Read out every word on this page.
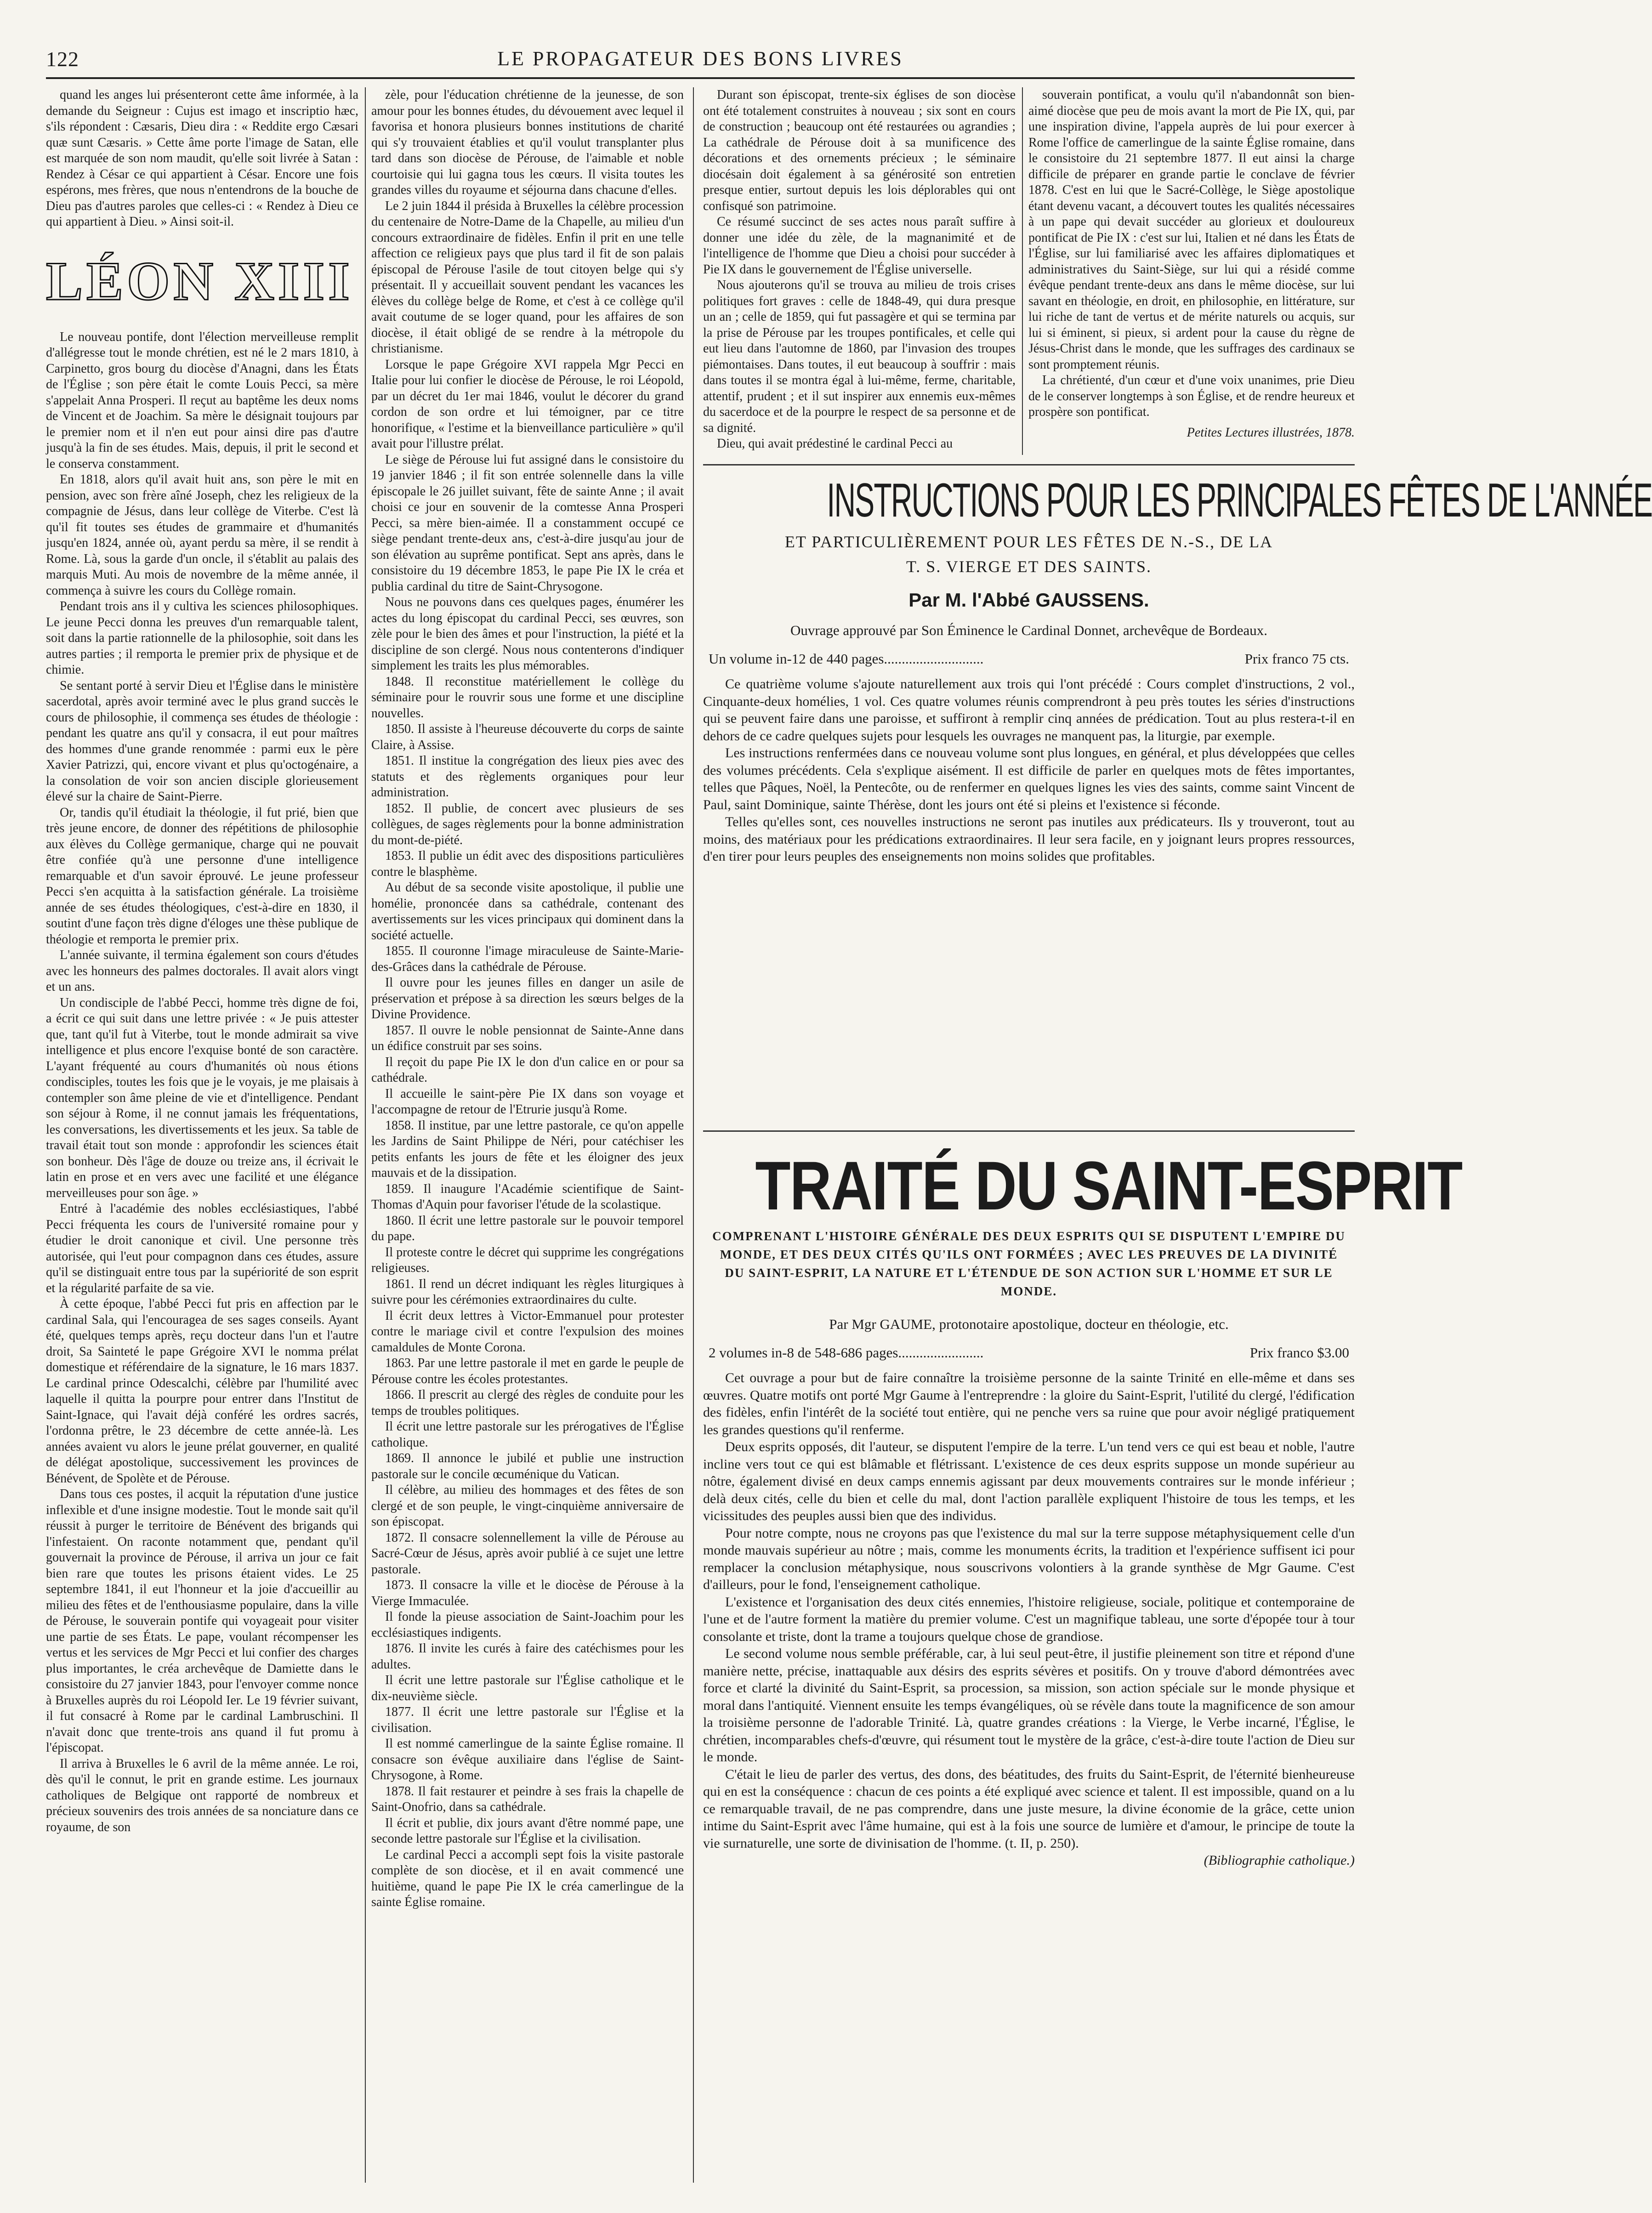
122	LE PROPAGATEUR DES BONS LIVRES

quand les anges lui présenteront cette âme informée, à la demande du Seigneur : Cujus est imago et inscriptio hæc, s'ils répondent : Cæsaris, Dieu dira : « Reddite ergo Cæsari quæ sunt Cæsaris. » Cette âme porte l'image de Satan, elle est marquée de son nom maudit, qu'elle soit livrée à Satan : Rendez à César ce qui appartient à César. Encore une fois espérons, mes frères, que nous n'entendrons de la bouche de Dieu pas d'autres paroles que celles-ci : « Rendez à Dieu ce qui appartient à Dieu. » Ainsi soit-il.

LÉON XIII

Le nouveau pontife, dont l'élection merveilleuse remplit d'allégresse tout le monde chrétien, est né le 2 mars 1810, à Carpinetto, gros bourg du diocèse d'Anagni, dans les États de l'Église ; son père était le comte Louis Pecci, sa mère s'appelait Anna Prosperi. Il reçut au baptême les deux noms de Vincent et de Joachim. Sa mère le désignait toujours par le premier nom et il n'en eut pour ainsi dire pas d'autre jusqu'à la fin de ses études. Mais, depuis, il prit le second et le conserva constamment.

En 1818, alors qu'il avait huit ans, son père le mit en pension, avec son frère aîné Joseph, chez les religieux de la compagnie de Jésus, dans leur collège de Viterbe. C'est là qu'il fit toutes ses études de grammaire et d'humanités jusqu'en 1824, année où, ayant perdu sa mère, il se rendit à Rome. Là, sous la garde d'un oncle, il s'établit au palais des marquis Muti. Au mois de novembre de la même année, il commença à suivre les cours du Collège romain.

Pendant trois ans il y cultiva les sciences philosophiques. Le jeune Pecci donna les preuves d'un remarquable talent, soit dans la partie rationnelle de la philosophie, soit dans les autres parties ; il remporta le premier prix de physique et de chimie.

Se sentant porté à servir Dieu et l'Église dans le ministère sacerdotal, après avoir terminé avec le plus grand succès le cours de philosophie, il commença ses études de théologie : pendant les quatre ans qu'il y consacra, il eut pour maîtres des hommes d'une grande renommée : parmi eux le père Xavier Patrizzi, qui, encore vivant et plus qu'octogénaire, a la consolation de voir son ancien disciple glorieusement élevé sur la chaire de Saint-Pierre.

Or, tandis qu'il étudiait la théologie, il fut prié, bien que très jeune encore, de donner des répétitions de philosophie aux élèves du Collège germanique, charge qui ne pouvait être confiée qu'à une personne d'une intelligence remarquable et d'un savoir éprouvé. Le jeune professeur Pecci s'en acquitta à la satisfaction générale. La troisième année de ses études théologiques, c'est-à-dire en 1830, il soutint d'une façon très digne d'éloges une thèse publique de théologie et remporta le premier prix.

L'année suivante, il termina également son cours d'études avec les honneurs des palmes doctorales. Il avait alors vingt et un ans.

Un condisciple de l'abbé Pecci, homme très digne de foi, a écrit ce qui suit dans une lettre privée : « Je puis attester que, tant qu'il fut à Viterbe, tout le monde admirait sa vive intelligence et plus encore l'exquise bonté de son caractère. L'ayant fréquenté au cours d'humanités où nous étions condisciples, toutes les fois que je le voyais, je me plaisais à contempler son âme pleine de vie et d'intelligence. Pendant son séjour à Rome, il ne connut jamais les fréquentations, les conversations, les divertissements et les jeux. Sa table de travail était tout son monde : approfondir les sciences était son bonheur. Dès l'âge de douze ou treize ans, il écrivait le latin en prose et en vers avec une facilité et une élégance merveilleuses pour son âge. »

Entré à l'académie des nobles ecclésiastiques, l'abbé Pecci fréquenta les cours de l'université romaine pour y étudier le droit canonique et civil. Une personne très autorisée, qui l'eut pour compagnon dans ces études, assure qu'il se distinguait entre tous par la supériorité de son esprit et la régularité parfaite de sa vie.

À cette époque, l'abbé Pecci fut pris en affection par le cardinal Sala, qui l'encouragea de ses sages conseils. Ayant été, quelques temps après, reçu docteur dans l'un et l'autre droit, Sa Sainteté le pape Grégoire XVI le nomma prélat domestique et référendaire de la signature, le 16 mars 1837. Le cardinal prince Odescalchi, célèbre par l'humilité avec laquelle il quitta la pourpre pour entrer dans l'Institut de Saint-Ignace, qui l'avait déjà conféré les ordres sacrés, l'ordonna prêtre, le 23 décembre de cette année-là. Les années avaient vu alors le jeune prélat gouverner, en qualité de délégat apostolique, successivement les provinces de Bénévent, de Spolète et de Pérouse.

Dans tous ces postes, il acquit la réputation d'une justice inflexible et d'une insigne modestie. Tout le monde sait qu'il réussit à purger le territoire de Bénévent des brigands qui l'infestaient. On raconte notamment que, pendant qu'il gouvernait la province de Pérouse, il arriva un jour ce fait bien rare que toutes les prisons étaient vides. Le 25 septembre 1841, il eut l'honneur et la joie d'accueillir au milieu des fêtes et de l'enthousiasme populaire, dans la ville de Pérouse, le souverain pontife qui voyageait pour visiter une partie de ses États. Le pape, voulant récompenser les vertus et les services de Mgr Pecci et lui confier des charges plus importantes, le créa archevêque de Damiette dans le consistoire du 27 janvier 1843, pour l'envoyer comme nonce à Bruxelles auprès du roi Léopold Ier. Le 19 février suivant, il fut consacré à Rome par le cardinal Lambruschini. Il n'avait donc que trente-trois ans quand il fut promu à l'épiscopat.

Il arriva à Bruxelles le 6 avril de la même année. Le roi, dès qu'il le connut, le prit en grande estime. Les journaux catholiques de Belgique ont rapporté de nombreux et précieux souvenirs des trois années de sa nonciature dans ce royaume, de son

zèle, pour l'éducation chrétienne de la jeunesse, de son amour pour les bonnes études, du dévouement avec lequel il favorisa et honora plusieurs bonnes institutions de charité qui s'y trouvaient établies et qu'il voulut transplanter plus tard dans son diocèse de Pérouse, de l'aimable et noble courtoisie qui lui gagna tous les cœurs. Il visita toutes les grandes villes du royaume et séjourna dans chacune d'elles.

Le 2 juin 1844 il présida à Bruxelles la célèbre procession du centenaire de Notre-Dame de la Chapelle, au milieu d'un concours extraordinaire de fidèles. Enfin il prit en une telle affection ce religieux pays que plus tard il fit de son palais épiscopal de Pérouse l'asile de tout citoyen belge qui s'y présentait. Il y accueillait souvent pendant les vacances les élèves du collège belge de Rome, et c'est à ce collège qu'il avait coutume de se loger quand, pour les affaires de son diocèse, il était obligé de se rendre à la métropole du christianisme.

Lorsque le pape Grégoire XVI rappela Mgr Pecci en Italie pour lui confier le diocèse de Pérouse, le roi Léopold, par un décret du 1er mai 1846, voulut le décorer du grand cordon de son ordre et lui témoigner, par ce titre honorifique, « l'estime et la bienveillance particulière » qu'il avait pour l'illustre prélat.

Le siège de Pérouse lui fut assigné dans le consistoire du 19 janvier 1846 ; il fit son entrée solennelle dans la ville épiscopale le 26 juillet suivant, fête de sainte Anne ; il avait choisi ce jour en souvenir de la comtesse Anna Prosperi Pecci, sa mère bien-aimée. Il a constamment occupé ce siège pendant trente-deux ans, c'est-à-dire jusqu'au jour de son élévation au suprême pontificat. Sept ans après, dans le consistoire du 19 décembre 1853, le pape Pie IX le créa et publia cardinal du titre de Saint-Chrysogone.

Nous ne pouvons dans ces quelques pages, énumérer les actes du long épiscopat du cardinal Pecci, ses œuvres, son zèle pour le bien des âmes et pour l'instruction, la piété et la discipline de son clergé. Nous nous contenterons d'indiquer simplement les traits les plus mémorables.

1848. Il reconstitue matériellement le collège du séminaire pour le rouvrir sous une forme et une discipline nouvelles.

1850. Il assiste à l'heureuse découverte du corps de sainte Claire, à Assise.

1851. Il institue la congrégation des lieux pies avec des statuts et des règlements organiques pour leur administration.

1852. Il publie, de concert avec plusieurs de ses collègues, de sages règlements pour la bonne administration du mont-de-piété.

1853. Il publie un édit avec des dispositions particulières contre le blasphème.

Au début de sa seconde visite apostolique, il publie une homélie, prononcée dans sa cathédrale, contenant des avertissements sur les vices principaux qui dominent dans la société actuelle.

1855. Il couronne l'image miraculeuse de Sainte-Marie-des-Grâces dans la cathédrale de Pérouse.

Il ouvre pour les jeunes filles en danger un asile de préservation et prépose à sa direction les sœurs belges de la Divine Providence.

1857. Il ouvre le noble pensionnat de Sainte-Anne dans un édifice construit par ses soins.

Il reçoit du pape Pie IX le don d'un calice en or pour sa cathédrale.

Il accueille le saint-père Pie IX dans son voyage et l'accompagne de retour de l'Etrurie jusqu'à Rome.

1858. Il institue, par une lettre pastorale, ce qu'on appelle les Jardins de Saint Philippe de Néri, pour catéchiser les petits enfants les jours de fête et les éloigner des jeux mauvais et de la dissipation.

1859. Il inaugure l'Académie scientifique de Saint-Thomas d'Aquin pour favoriser l'étude de la scolastique.

1860. Il écrit une lettre pastorale sur le pouvoir temporel du pape.

Il proteste contre le décret qui supprime les congrégations religieuses.

1861. Il rend un décret indiquant les règles liturgiques à suivre pour les cérémonies extraordinaires du culte.

Il écrit deux lettres à Victor-Emmanuel pour protester contre le mariage civil et contre l'expulsion des moines camaldules de Monte Corona.

1863. Par une lettre pastorale il met en garde le peuple de Pérouse contre les écoles protestantes.

1866. Il prescrit au clergé des règles de conduite pour les temps de troubles politiques.

Il écrit une lettre pastorale sur les prérogatives de l'Église catholique.

1869. Il annonce le jubilé et publie une instruction pastorale sur le concile œcuménique du Vatican.

Il célèbre, au milieu des hommages et des fêtes de son clergé et de son peuple, le vingt-cinquième anniversaire de son épiscopat.

1872. Il consacre solennellement la ville de Pérouse au Sacré-Cœur de Jésus, après avoir publié à ce sujet une lettre pastorale.

1873. Il consacre la ville et le diocèse de Pérouse à la Vierge Immaculée.

Il fonde la pieuse association de Saint-Joachim pour les ecclésiastiques indigents.

1876. Il invite les curés à faire des catéchismes pour les adultes.

Il écrit une lettre pastorale sur l'Église catholique et le dix-neuvième siècle.

1877. Il écrit une lettre pastorale sur l'Église et la civilisation.

Il est nommé camerlingue de la sainte Église romaine. Il consacre son évêque auxiliaire dans l'église de Saint-Chrysogone, à Rome.

1878. Il fait restaurer et peindre à ses frais la chapelle de Saint-Onofrio, dans sa cathédrale.

Il écrit et publie, dix jours avant d'être nommé pape, une seconde lettre pastorale sur l'Église et la civilisation.

Le cardinal Pecci a accompli sept fois la visite pastorale complète de son diocèse, et il en avait commencé une huitième, quand le pape Pie IX le créa camerlingue de la sainte Église romaine.

Durant son épiscopat, trente-six églises de son diocèse ont été totalement construites à nouveau ; six sont en cours de construction ; beaucoup ont été restaurées ou agrandies ; La cathédrale de Pérouse doit à sa munificence des décorations et des ornements précieux ; le séminaire diocésain doit également à sa générosité son entretien presque entier, surtout depuis les lois déplorables qui ont confisqué son patrimoine.

Ce résumé succinct de ses actes nous paraît suffire à donner une idée du zèle, de la magnanimité et de l'intelligence de l'homme que Dieu a choisi pour succéder à Pie IX dans le gouvernement de l'Église universelle.

Nous ajouterons qu'il se trouva au milieu de trois crises politiques fort graves : celle de 1848-49, qui dura presque un an ; celle de 1859, qui fut passagère et qui se termina par la prise de Pérouse par les troupes pontificales, et celle qui eut lieu dans l'automne de 1860, par l'invasion des troupes piémontaises. Dans toutes, il eut beaucoup à souffrir : mais dans toutes il se montra égal à lui-même, ferme, charitable, attentif, prudent ; et il sut inspirer aux ennemis eux-mêmes du sacerdoce et de la pourpre le respect de sa personne et de sa dignité.

Dieu, qui avait prédestiné le cardinal Pecci au

souverain pontificat, a voulu qu'il n'abandonnât son bien-aimé diocèse que peu de mois avant la mort de Pie IX, qui, par une inspiration divine, l'appela auprès de lui pour exercer à Rome l'office de camerlingue de la sainte Église romaine, dans le consistoire du 21 septembre 1877. Il eut ainsi la charge difficile de préparer en grande partie le conclave de février 1878. C'est en lui que le Sacré-Collège, le Siège apostolique étant devenu vacant, a découvert toutes les qualités nécessaires à un pape qui devait succéder au glorieux et douloureux pontificat de Pie IX : c'est sur lui, Italien et né dans les États de l'Église, sur lui familiarisé avec les affaires diplomatiques et administratives du Saint-Siège, sur lui qui a résidé comme évêque pendant trente-deux ans dans le même diocèse, sur lui savant en théologie, en droit, en philosophie, en littérature, sur lui riche de tant de vertus et de mérite naturels ou acquis, sur lui si éminent, si pieux, si ardent pour la cause du règne de Jésus-Christ dans le monde, que les suffrages des cardinaux se sont promptement réunis.

La chrétienté, d'un cœur et d'une voix unanimes, prie Dieu de le conserver longtemps à son Église, et de rendre heureux et prospère son pontificat.

Petites Lectures illustrées, 1878.
INSTRUCTIONS POUR LES PRINCIPALES FÊTES DE L'ANNÉE
ET PARTICULIÈREMENT POUR LES FÊTES DE N.-S., DE LA
T. S. VIERGE ET DES SAINTS.
Par M. l'Abbé GAUSSENS.
Ouvrage approuvé par Son Éminence le Cardinal Donnet, archevêque de Bordeaux.
Un volume in-12 de 440 pages............................	Prix franco 75 cts.

Ce quatrième volume s'ajoute naturellement aux trois qui l'ont précédé : Cours complet d'instructions, 2 vol., Cinquante-deux homélies, 1 vol. Ces quatre volumes réunis comprendront à peu près toutes les séries d'instructions qui se peuvent faire dans une paroisse, et suffiront à remplir cinq années de prédication. Tout au plus restera-t-il en dehors de ce cadre quelques sujets pour lesquels les ouvrages ne manquent pas, la liturgie, par exemple.

Les instructions renfermées dans ce nouveau volume sont plus longues, en général, et plus développées que celles des volumes précédents. Cela s'explique aisément. Il est difficile de parler en quelques mots de fêtes importantes, telles que Pâques, Noël, la Pentecôte, ou de renfermer en quelques lignes les vies des saints, comme saint Vincent de Paul, saint Dominique, sainte Thérèse, dont les jours ont été si pleins et l'existence si féconde.

Telles qu'elles sont, ces nouvelles instructions ne seront pas inutiles aux prédicateurs. Ils y trouveront, tout au moins, des matériaux pour les prédications extraordinaires. Il leur sera facile, en y joignant leurs propres ressources, d'en tirer pour leurs peuples des enseignements non moins solides que profitables.

TRAITÉ DU SAINT-ESPRIT
COMPRENANT L'HISTOIRE GÉNÉRALE DES DEUX ESPRITS QUI SE DISPUTENT L'EMPIRE DU MONDE, ET DES DEUX CITÉS QU'ILS ONT FORMÉES ; AVEC LES PREUVES DE LA DIVINITÉ DU SAINT-ESPRIT, LA NATURE ET L'ÉTENDUE DE SON ACTION SUR L'HOMME ET SUR LE MONDE.
Par Mgr GAUME, protonotaire apostolique, docteur en théologie, etc.
2 volumes in-8 de 548-686 pages........................	Prix franco $3.00

Cet ouvrage a pour but de faire connaître la troisième personne de la sainte Trinité en elle-même et dans ses œuvres. Quatre motifs ont porté Mgr Gaume à l'entreprendre : la gloire du Saint-Esprit, l'utilité du clergé, l'édification des fidèles, enfin l'intérêt de la société tout entière, qui ne penche vers sa ruine que pour avoir négligé pratiquement les grandes questions qu'il renferme.

Deux esprits opposés, dit l'auteur, se disputent l'empire de la terre. L'un tend vers ce qui est beau et noble, l'autre incline vers tout ce qui est blâmable et flétrissant. L'existence de ces deux esprits suppose un monde supérieur au nôtre, également divisé en deux camps ennemis agissant par deux mouvements contraires sur le monde inférieur ; delà deux cités, celle du bien et celle du mal, dont l'action parallèle expliquent l'histoire de tous les temps, et les vicissitudes des peuples aussi bien que des individus.

Pour notre compte, nous ne croyons pas que l'existence du mal sur la terre suppose métaphysiquement celle d'un monde mauvais supérieur au nôtre ; mais, comme les monuments écrits, la tradition et l'expérience suffisent ici pour remplacer la conclusion métaphysique, nous souscrivons volontiers à la grande synthèse de Mgr Gaume. C'est d'ailleurs, pour le fond, l'enseignement catholique.

L'existence et l'organisation des deux cités ennemies, l'histoire religieuse, sociale, politique et contemporaine de l'une et de l'autre forment la matière du premier volume. C'est un magnifique tableau, une sorte d'épopée tour à tour consolante et triste, dont la trame a toujours quelque chose de grandiose.

Le second volume nous semble préférable, car, à lui seul peut-être, il justifie pleinement son titre et répond d'une manière nette, précise, inattaquable aux désirs des esprits sévères et positifs. On y trouve d'abord démontrées avec force et clarté la divinité du Saint-Esprit, sa procession, sa mission, son action spéciale sur le monde physique et moral dans l'antiquité. Viennent ensuite les temps évangéliques, où se révèle dans toute la magnificence de son amour la troisième personne de l'adorable Trinité. Là, quatre grandes créations : la Vierge, le Verbe incarné, l'Église, le chrétien, incomparables chefs-d'œuvre, qui résument tout le mystère de la grâce, c'est-à-dire toute l'action de Dieu sur le monde.

C'était le lieu de parler des vertus, des dons, des béatitudes, des fruits du Saint-Esprit, de l'éternité bienheureuse qui en est la conséquence : chacun de ces points a été expliqué avec science et talent. Il est impossible, quand on a lu ce remarquable travail, de ne pas comprendre, dans une juste mesure, la divine économie de la grâce, cette union intime du Saint-Esprit avec l'âme humaine, qui est à la fois une source de lumière et d'amour, le principe de toute la vie surnaturelle, une sorte de divinisation de l'homme. (t. II, p. 250).

(Bibliographie catholique.)
